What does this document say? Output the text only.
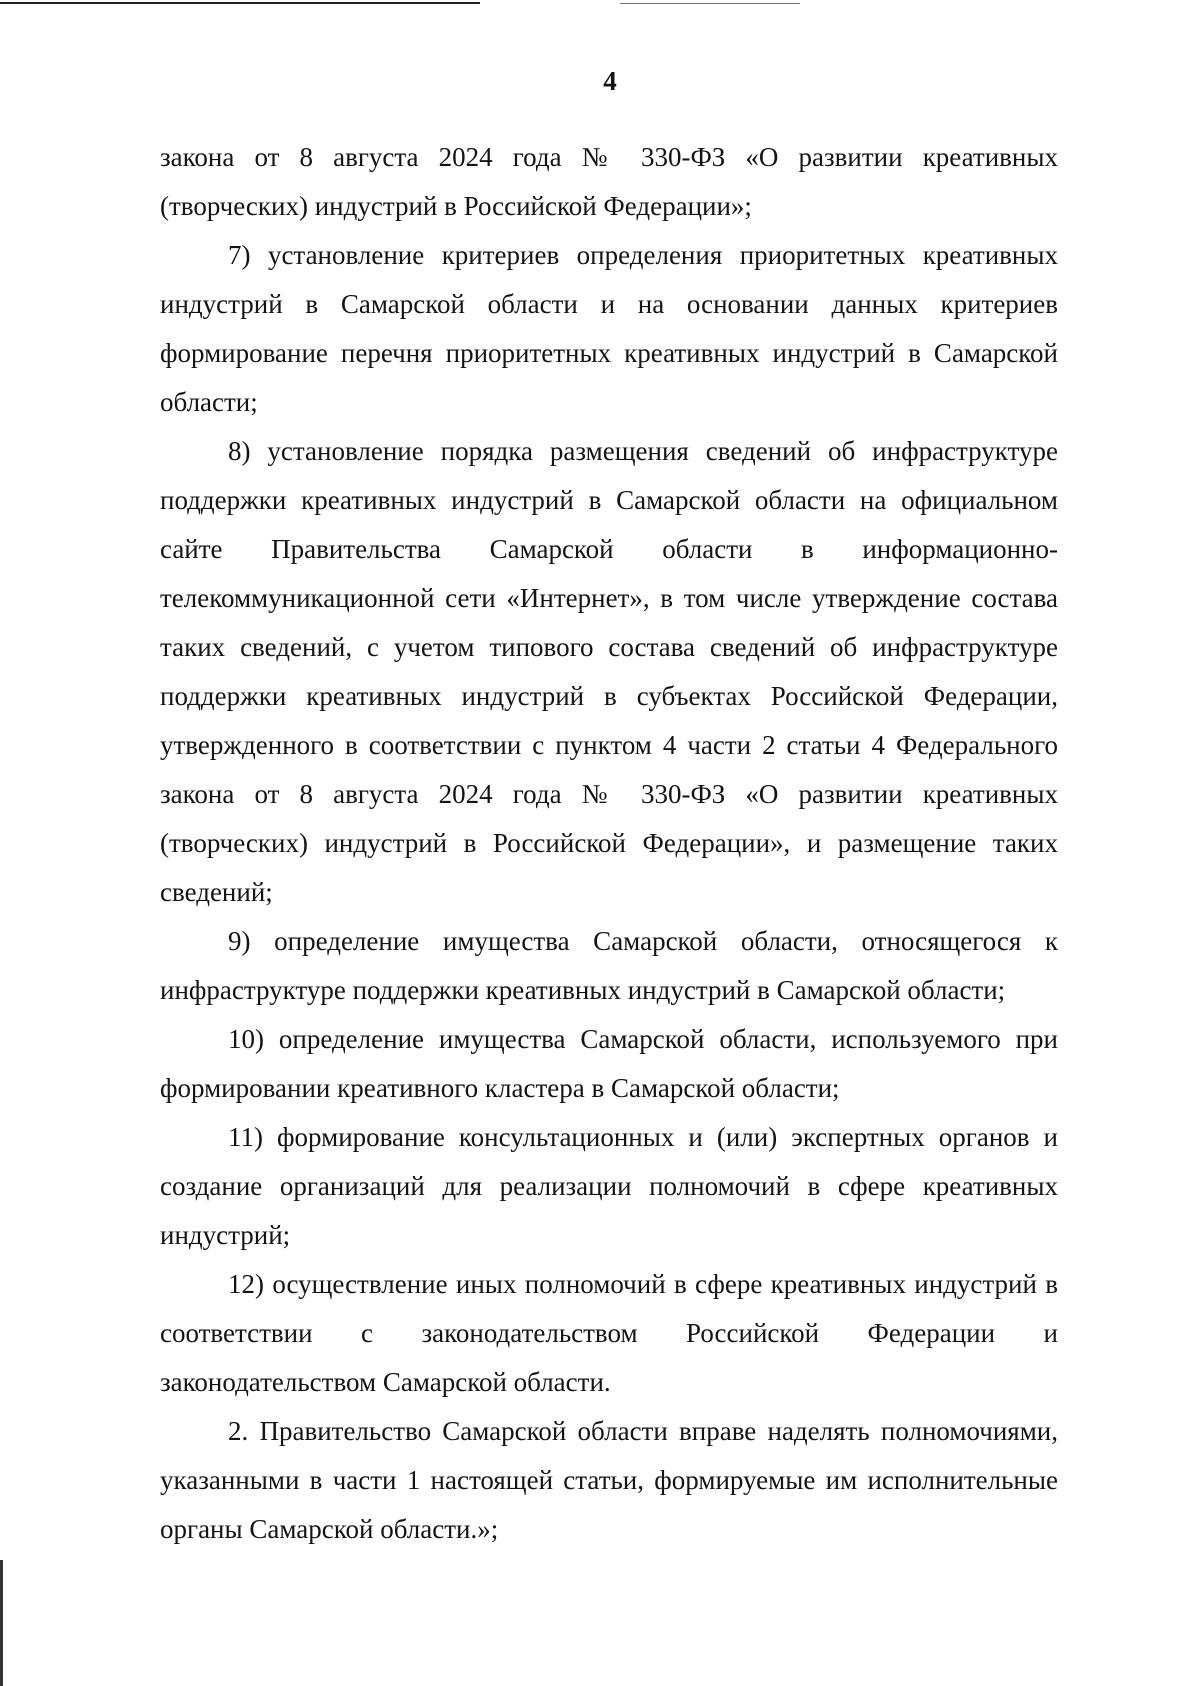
4

закона от 8 августа 2024 года № 330-ФЗ «О развитии креативных (творческих) индустрий в Российской Федерации»;

7) установление критериев определения приоритетных креативных индустрий в Самарской области и на основании данных критериев формирование перечня приоритетных креативных индустрий в Самарской области;

8) установление порядка размещения сведений об инфраструктуре поддержки креативных индустрий в Самарской области на официальном сайте Правительства Самарской области в информационно-телекоммуникационной сети «Интернет», в том числе утверждение состава таких сведений, с учетом типового состава сведений об инфраструктуре поддержки креативных индустрий в субъектах Российской Федерации, утвержденного в соответствии с пунктом 4 части 2 статьи 4 Федерального закона от 8 августа 2024 года № 330-ФЗ «О развитии креативных (творческих) индустрий в Российской Федерации», и размещение таких сведений;

9) определение имущества Самарской области, относящегося к инфраструктуре поддержки креативных индустрий в Самарской области;

10) определение имущества Самарской области, используемого при формировании креативного кластера в Самарской области;

11) формирование консультационных и (или) экспертных органов и создание организаций для реализации полномочий в сфере креативных индустрий;

12) осуществление иных полномочий в сфере креативных индустрий в соответствии с законодательством Российской Федерации и законодательством Самарской области.

2. Правительство Самарской области вправе наделять полномочиями, указанными в части 1 настоящей статьи, формируемые им исполнительные органы Самарской области.»;
